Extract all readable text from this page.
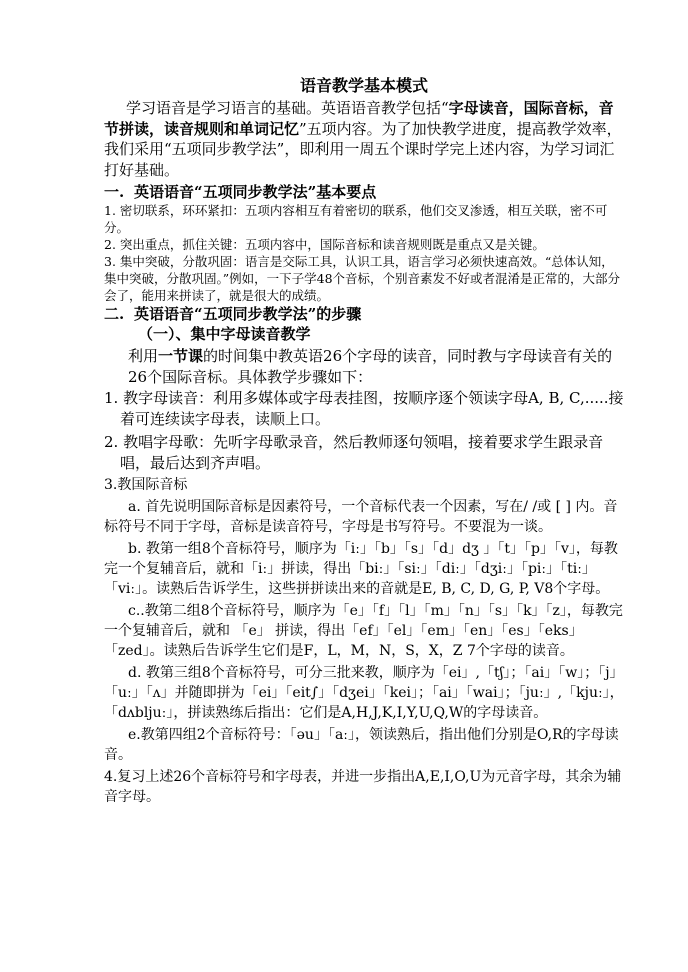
语音教学基本模式

学习语音是学习语言的基础。英语语音教学包括“字母读音，国际音标，音节拼读，读音规则和单词记忆”五项内容。为了加快教学进度，提高教学效率，我们采用“五项同步教学法”，即利用一周五个课时学完上述内容，为学习词汇打好基础。

一. 英语语音“五项同步教学法”基本要点

1. 密切联系，环环紧扣：五项内容相互有着密切的联系，他们交叉渗透，相互关联，密不可分。

2. 突出重点，抓住关键：五项内容中，国际音标和读音规则既是重点又是关键。

3. 集中突破，分散巩固：语言是交际工具，认识工具，语言学习必须快速高效。“总体认知，集中突破，分散巩固。”例如，一下子学48个音标，个别音素发不好或者混淆是正常的，大部分会了，能用来拼读了，就是很大的成绩。

二. 英语语音“五项同步教学法”的步骤
（一）、集中字母读音教学

利用一节课的时间集中教英语26个字母的读音，同时教与字母读音有关的26个国际音标。具体教学步骤如下：

1. 教字母读音：利用多媒体或字母表挂图，按顺序逐个领读字母A, B, C,.....接着可连续读字母表，读顺上口。

2. 教唱字母歌：先听字母歌录音，然后教师逐句领唱，接着要求学生跟录音唱，最后达到齐声唱。

3.教国际音标

a. 首先说明国际音标是因素符号，一个音标代表一个因素，写在/ /或 [ ] 内。音标符号不同于字母，音标是读音符号，字母是书写符号。不要混为一谈。

b. 教第一组8个音标符号，顺序为「iː」「b」「s」「d」dʒ 」「t」「p」「v」，每教完一个复辅音后，就和「iː」拼读，得出「biː」「siː」「diː」「dʒiː」「piː」「tiː」「viː」。读熟后告诉学生，这些拼拼读出来的音就是E, B, C, D, G, P, V8个字母。

c..教第二组8个音标符号，顺序为「e」「f」「l」「m」「n」「s」「k」「z」，每教完一个复辅音后，就和 「e」 拼读，得出「ef」「el」「em」「en」「es」「eks」「zed」。读熟后告诉学生它们是F，L，M，N，S，X，Z 7个字母的读音。

d. 教第三组8个音标符号，可分三批来教，顺序为「ei」,「tʃ」；「ai」「w」；「j」「uː」「ʌ」并随即拼为「ei」「eit∫」「dʒei」「kei」；「ai」「wai」；「juː」,「kjuː」，「dʌbljuː」，拼读熟练后指出：它们是A,H,J,K,I,Y,U,Q,W的字母读音。

e.教第四组2个音标符号：「əu」「aː」，领读熟后，指出他们分别是O,R的字母读音。

4.复习上述26个音标符号和字母表，并进一步指出A,E,I,O,U为元音字母，其余为辅音字母。
